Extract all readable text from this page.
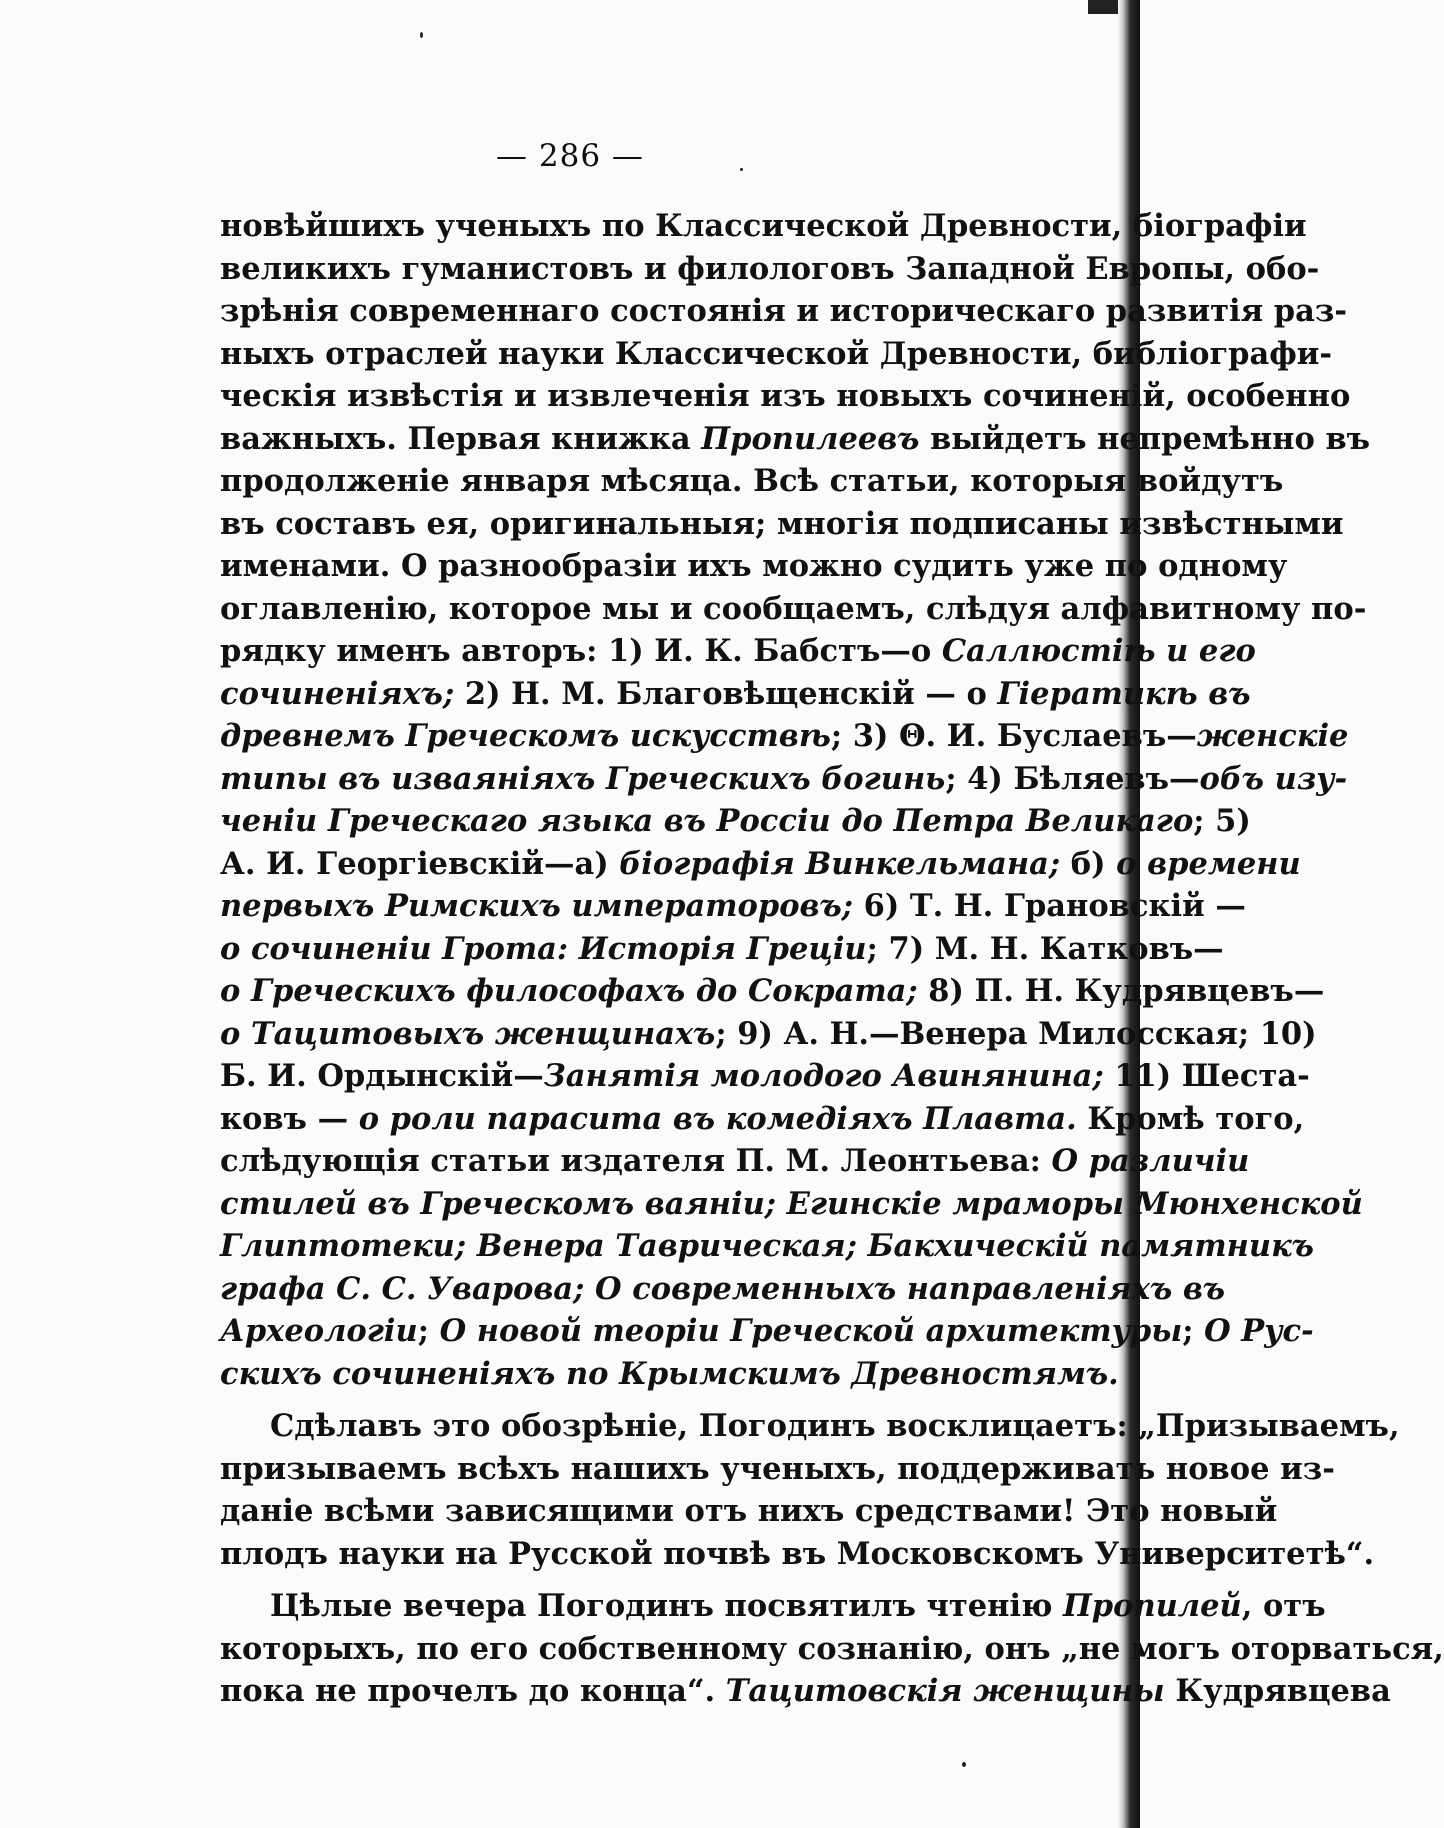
— 286 —
новѣйшихъ ученыхъ по Классической Древности, біографіи
великихъ гуманистовъ и филологовъ Западной Европы, обо-
зрѣнія современнаго состоянія и историческаго развитія раз-
ныхъ отраслей науки Классической Древности, библіографи-
ческія извѣстія и извлеченія изъ новыхъ сочиненій, особенно
важныхъ. Первая книжка Пропилеевъ выйдетъ непремѣнно въ
продолженіе января мѣсяца. Всѣ статьи, которыя войдутъ
въ составъ ея, оригинальныя; многія подписаны извѣстными
именами. О разнообразіи ихъ можно судить уже по одному
оглавленію, которое мы и сообщаемъ, слѣдуя алфавитному по-
рядку именъ авторъ: 1) И. К. Бабстъ—о Саллюстіѣ и его
сочиненіяхъ; 2) Н. М. Благовѣщенскій — о Гіератикѣ въ
древнемъ Греческомъ искусствѣ; 3) Θ. И. Буслаевъ—женскіе
типы въ изваяніяхъ Греческихъ богинь; 4) Бѣляевъ—объ изу-
ченіи Греческаго языка въ Россіи до Петра Великаго; 5)
А. И. Георгіевскій—а) біографія Винкельмана; б) о времени
первыхъ Римскихъ императоровъ; 6) Т. Н. Грановскій —
о сочиненіи Грота: Исторія Греціи; 7) М. Н. Катковъ—
о Греческихъ философахъ до Сократа; 8) П. Н. Кудрявцевъ—
о Тацитовыхъ женщинахъ; 9) А. Н.—Венера Милосская; 10)
Б. И. Ордынскій—Занятія молодого Авинянина; 11) Шеста-
ковъ — о роли парасита въ комедіяхъ Плавта. Кромѣ того,
слѣдующія статьи издателя П. М. Леонтьева: О различіи
стилей въ Греческомъ ваяніи; Егинскіе мраморы Мюнхенской
Глиптотеки; Венера Таврическая; Бакхическій памятникъ
графа С. С. Уварова; О современныхъ направленіяхъ въ
Археологіи; О новой теоріи Греческой архитектуры; О Рус-
скихъ сочиненіяхъ по Крымскимъ Древностямъ.
Сдѣлавъ это обозрѣніе, Погодинъ восклицаетъ: „Призываемъ,
призываемъ всѣхъ нашихъ ученыхъ, поддерживать новое из-
даніе всѣми зависящими отъ нихъ средствами! Это новый
плодъ науки на Русской почвѣ въ Московскомъ Университетѣ“.
Цѣлые вечера Погодинъ посвятилъ чтенію Пропилей, отъ
которыхъ, по его собственному сознанію, онъ „не могъ оторваться,
пока не прочелъ до конца“. Тацитовскія женщины Кудрявцева
